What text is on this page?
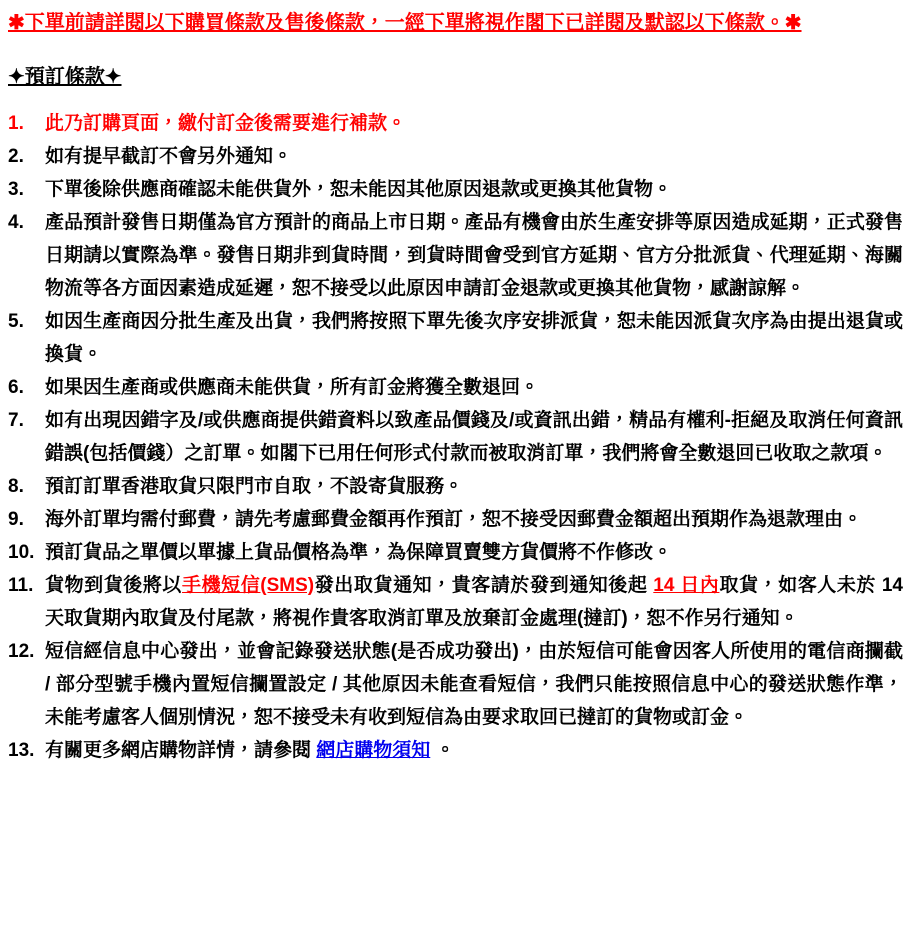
✱下單前請詳閱以下購買條款及售後條款，一經下單將視作閣下已詳閱及默認以下條款。✱
✦預訂條款✦
1.	此乃訂購頁面，繳付訂金後需要進行補款。
2.	如有提早截訂不會另外通知。
3.	下單後除供應商確認未能供貨外，恕未能因其他原因退款或更換其他貨物。
4.	產品預計發售日期僅為官方預計的商品上市日期。產品有機會由於生產安排等原因造成延期，正式發售日期請以實際為準。發售日期非到貨時間，到貨時間會受到官方延期、官方分批派貨、代理延期、海關物流等各方面因素造成延遲，恕不接受以此原因申請訂金退款或更換其他貨物，感謝諒解。
5.	如因生產商因分批生產及出貨，我們將按照下單先後次序安排派貨，恕未能因派貨次序為由提出退貨或換貨。
6.	如果因生產商或供應商未能供貨，所有訂金將獲全數退回。
7.	如有出現因錯字及/或供應商提供錯資料以致產品價錢及/或資訊出錯，精品有權利-拒絕及取消任何資訊錯誤(包括價錢）之訂單。如閣下已用任何形式付款而被取消訂單，我們將會全數退回已收取之款項。
8.	預訂訂單香港取貨只限門市自取，不設寄貨服務。
9.	海外訂單均需付郵費，請先考慮郵費金額再作預訂，恕不接受因郵費金額超出預期作為退款理由。
10. 預訂貨品之單價以單據上貨品價格為準，為保障買賣雙方貨價將不作修改。
11. 貨物到貨後將以手機短信(SMS)發出取貨通知，貴客請於發到通知後起 14 日內取貨，如客人未於 14 天取貨期內取貨及付尾款，將視作貴客取消訂單及放棄訂金處理(撻訂)，恕不作另行通知。
12. 短信經信息中心發出，並會記錄發送狀態(是否成功發出)，由於短信可能會因客人所使用的電信商攔截 / 部分型號手機內置短信攔置設定 / 其他原因未能查看短信，我們只能按照信息中心的發送狀態作準，未能考慮客人個別情況，恕不接受未有收到短信為由要求取回已撻訂的貨物或訂金。
13. 有關更多網店購物詳情，請參閱 網店購物須知 。
